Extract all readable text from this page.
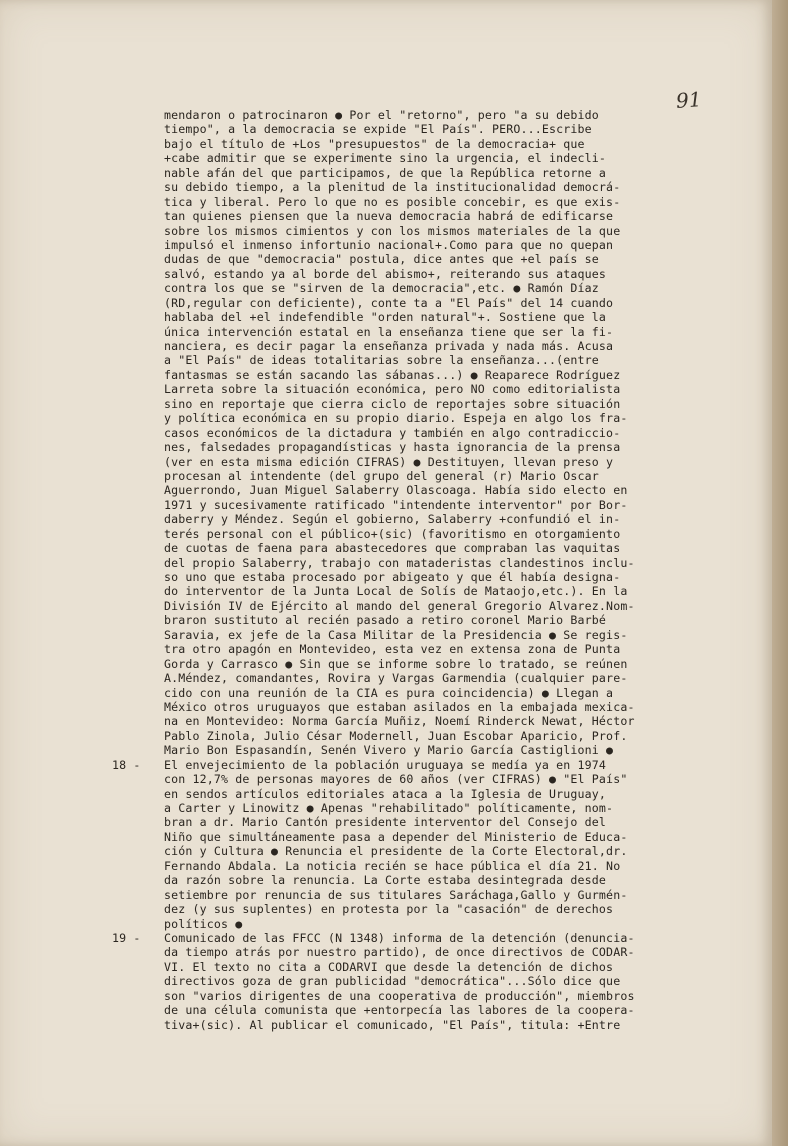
91
mendaron o patrocinaron ● Por el "retorno", pero "a su debido
tiempo", a la democracia se expide "El País". PERO...Escribe
bajo el título de +Los "presupuestos" de la democracia+ que
+cabe admitir que se experimente sino la urgencia, el indecli-
nable afán del que participamos, de que la República retorne a
su debido tiempo, a la plenitud de la institucionalidad democrá-
tica y liberal. Pero lo que no es posible concebir, es que exis-
tan quienes piensen que la nueva democracia habrá de edificarse
sobre los mismos cimientos y con los mismos materiales de la que
impulsó el inmenso infortunio nacional+.Como para que no quepan
dudas de que "democracia" postula, dice antes que +el país se
salvó, estando ya al borde del abismo+, reiterando sus ataques
contra los que se "sirven de la democracia",etc. ● Ramón Díaz
(RD,regular con deficiente), conte ta a "El País" del 14 cuando
hablaba del +el indefendible "orden natural"+. Sostiene que la
única intervención estatal en la enseñanza tiene que ser la fi-
nanciera, es decir pagar la enseñanza privada y nada más. Acusa
a "El País" de ideas totalitarias sobre la enseñanza...(entre
fantasmas se están sacando las sábanas...) ● Reaparece Rodríguez
Larreta sobre la situación económica, pero NO como editorialista
sino en reportaje que cierra ciclo de reportajes sobre situación
y política económica en su propio diario. Espeja en algo los fra-
casos económicos de la dictadura y también en algo contradiccio-
nes, falsedades propagandísticas y hasta ignorancia de la prensa
(ver en esta misma edición CIFRAS) ● Destituyen, llevan preso y
procesan al intendente (del grupo del general (r) Mario Oscar
Aguerrondo, Juan Miguel Salaberry Olascoaga. Había sido electo en
1971 y sucesivamente ratificado "intendente interventor" por Bor-
daberry y Méndez. Según el gobierno, Salaberry +confundió el in-
terés personal con el público+(sic) (favoritismo en otorgamiento
de cuotas de faena para abastecedores que compraban las vaquitas
del propio Salaberry, trabajo con mataderistas clandestinos inclu-
so uno que estaba procesado por abigeato y que él había designa-
do interventor de la Junta Local de Solís de Mataojo,etc.). En la
División IV de Ejército al mando del general Gregorio Alvarez.Nom-
braron sustituto al recién pasado a retiro coronel Mario Barbé
Saravia, ex jefe de la Casa Militar de la Presidencia ● Se regis-
tra otro apagón en Montevideo, esta vez en extensa zona de Punta
Gorda y Carrasco ● Sin que se informe sobre lo tratado, se reúnen
A.Méndez, comandantes, Rovira y Vargas Garmendia (cualquier pare-
cido con una reunión de la CIA es pura coincidencia) ● Llegan a
México otros uruguayos que estaban asilados en la embajada mexica-
na en Montevideo: Norma García Muñiz, Noemí Rinderck Newat, Héctor
Pablo Zinola, Julio César Modernell, Juan Escobar Aparicio, Prof.
Mario Bon Espasandín, Senén Vivero y Mario García Castiglioni ●
18 -	El envejecimiento de la población uruguaya se medía ya en 1974
con 12,7% de personas mayores de 60 años (ver CIFRAS) ● "El País"
en sendos artículos editoriales ataca a la Iglesia de Uruguay,
a Carter y Linowitz ● Apenas "rehabilitado" políticamente, nom-
bran a dr. Mario Cantón presidente interventor del Consejo del
Niño que simultáneamente pasa a depender del Ministerio de Educa-
ción y Cultura ● Renuncia el presidente de la Corte Electoral,dr.
Fernando Abdala. La noticia recién se hace pública el día 21. No
da razón sobre la renuncia. La Corte estaba desintegrada desde
setiembre por renuncia de sus titulares Saráchaga,Gallo y Gurmén-
dez (y sus suplentes) en protesta por la "casación" de derechos
políticos ●
19 -	Comunicado de las FFCC (N 1348) informa de la detención (denuncia-
da tiempo atrás por nuestro partido), de once directivos de CODAR-
VI. El texto no cita a CODARVI que desde la detención de dichos
directivos goza de gran publicidad "democrática"...Sólo dice que
son "varios dirigentes de una cooperativa de producción", miembros
de una célula comunista que +entorpecía las labores de la coopera-
tiva+(sic). Al publicar el comunicado, "El País", titula: +Entre
